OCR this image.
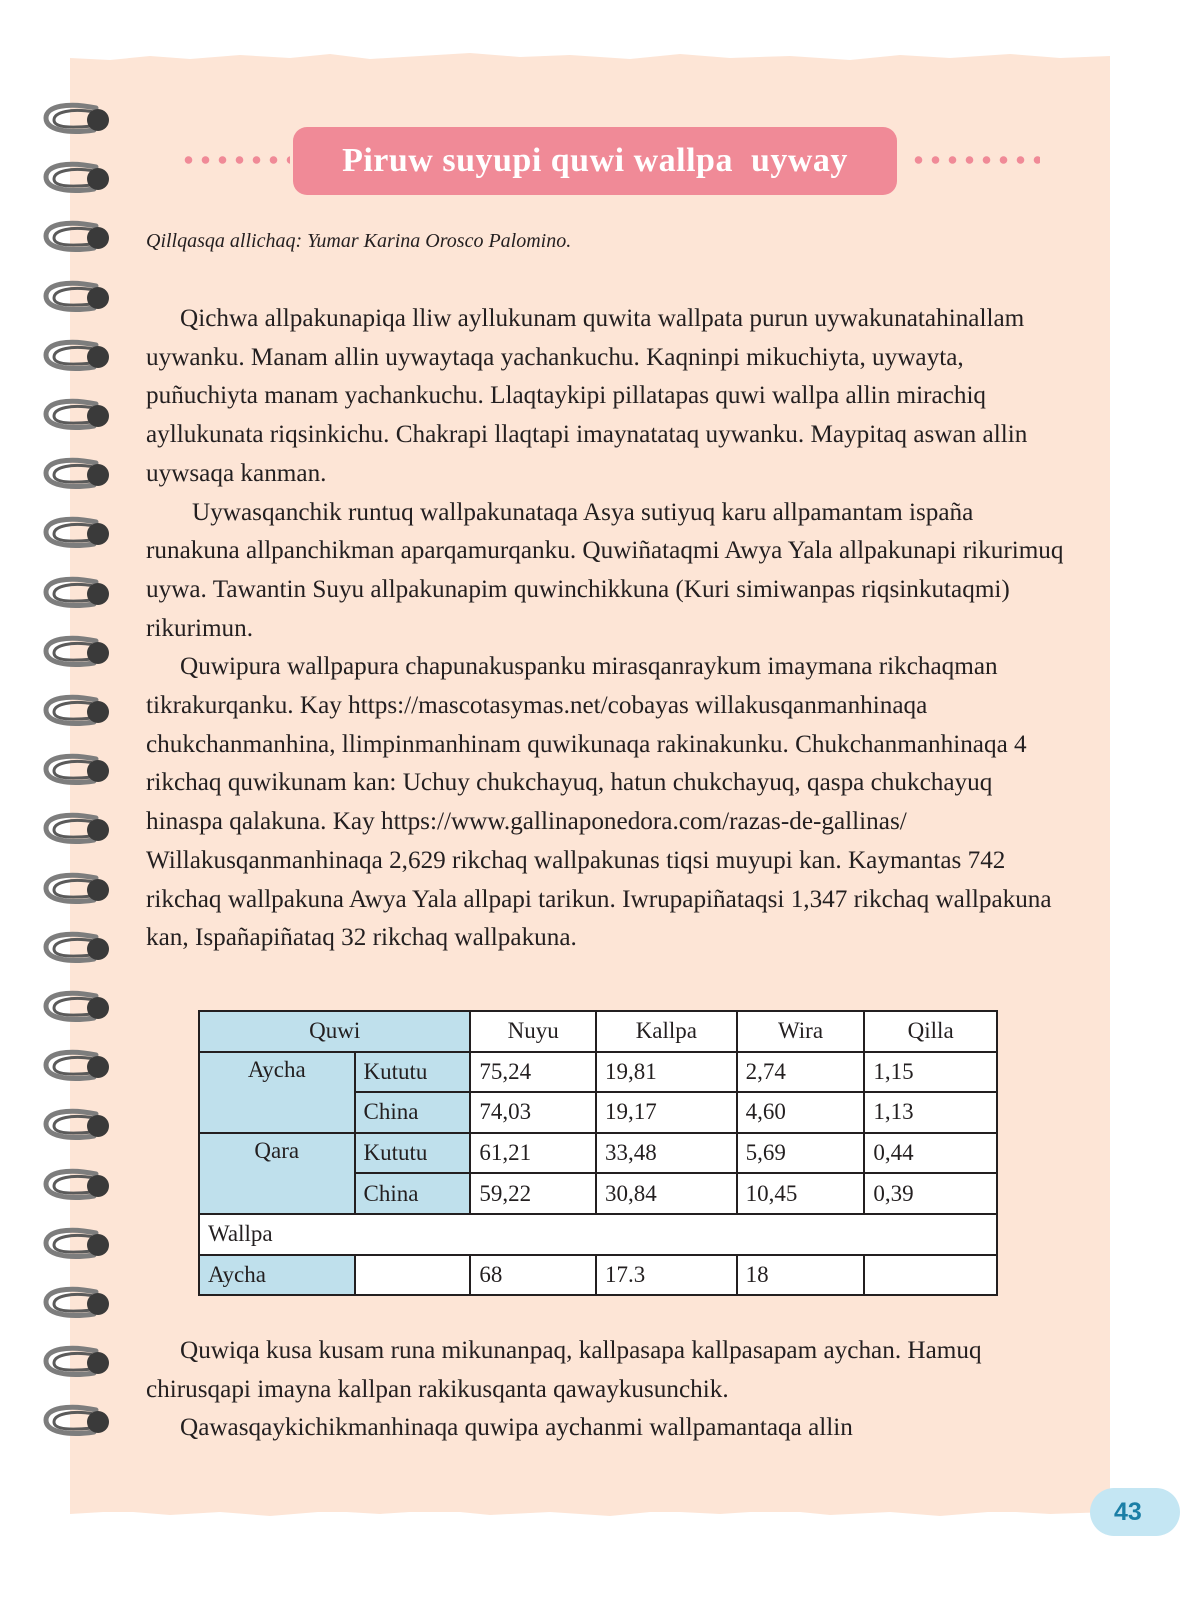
Piruw suyupi quwi wallpa  uyway
Qillqasqa allichaq: Yumar Karina Orosco Palomino.

Qichwa allpakunapiqa lliw ayllukunam quwita wallpata purun uywakunatahinallam uywanku. Manam allin uywaytaqa yachankuchu. Kaqninpi mikuchiyta, uywayta, puñuchiyta manam yachankuchu. Llaqtaykipi pillatapas quwi wallpa allin mirachiq ayllukunata riqsinkichu. Chakrapi llaqtapi imaynatataq uywanku. Maypitaq aswan allin uywsaqa kanman.

Uywasqanchik runtuq wallpakunataqa Asya sutiyuq karu allpamantam ispaña runakuna allpanchikman aparqamurqanku. Quwiñataqmi Awya Yala allpakunapi rikurimuq uywa. Tawantin Suyu allpakunapim quwinchikkuna (Kuri simiwanpas riqsinkutaqmi) rikurimun.

Quwipura wallpapura chapunakuspanku mirasqanraykum imaymana rikchaqman tikrakurqanku. Kay https://mascotasymas.net/cobayas willakusqanmanhinaqa chukchanmanhina, llimpinmanhinam quwikunaqa rakinakunku. Chukchanmanhinaqa 4 rikchaq quwikunam kan: Uchuy chukchayuq, hatun chukchayuq, qaspa chukchayuq hinaspa qalakuna. Kay https://www.gallinaponedora.com/razas-de-gallinas/ Willakusqanmanhinaqa 2,629 rikchaq wallpakunas tiqsi muyupi kan. Kaymantas 742 rikchaq wallpakuna Awya Yala allpapi tarikun. Iwrupapiñataqsi 1,347 rikchaq wallpakuna kan, Ispañapiñataq 32 rikchaq wallpakuna.

Quwi		Nuyu	Kallpa	Wira	Qilla
Aycha	Kututu	75,24	19,81	2,74	1,15
	China	74,03	19,17	4,60	1,13
Qara	Kututu	61,21	33,48	5,69	0,44
	China	59,22	30,84	10,45	0,39
Wallpa					
Aycha		68	17.3	18	

Quwiqa kusa kusam runa mikunanpaq, kallpasapa kallpasapam aychan. Hamuq chirusqapi imayna kallpan rakikusqanta qawaykusunchik.

Qawasqaykichikmanhinaqa quwipa aychanmi wallpamantaqa allin

43
